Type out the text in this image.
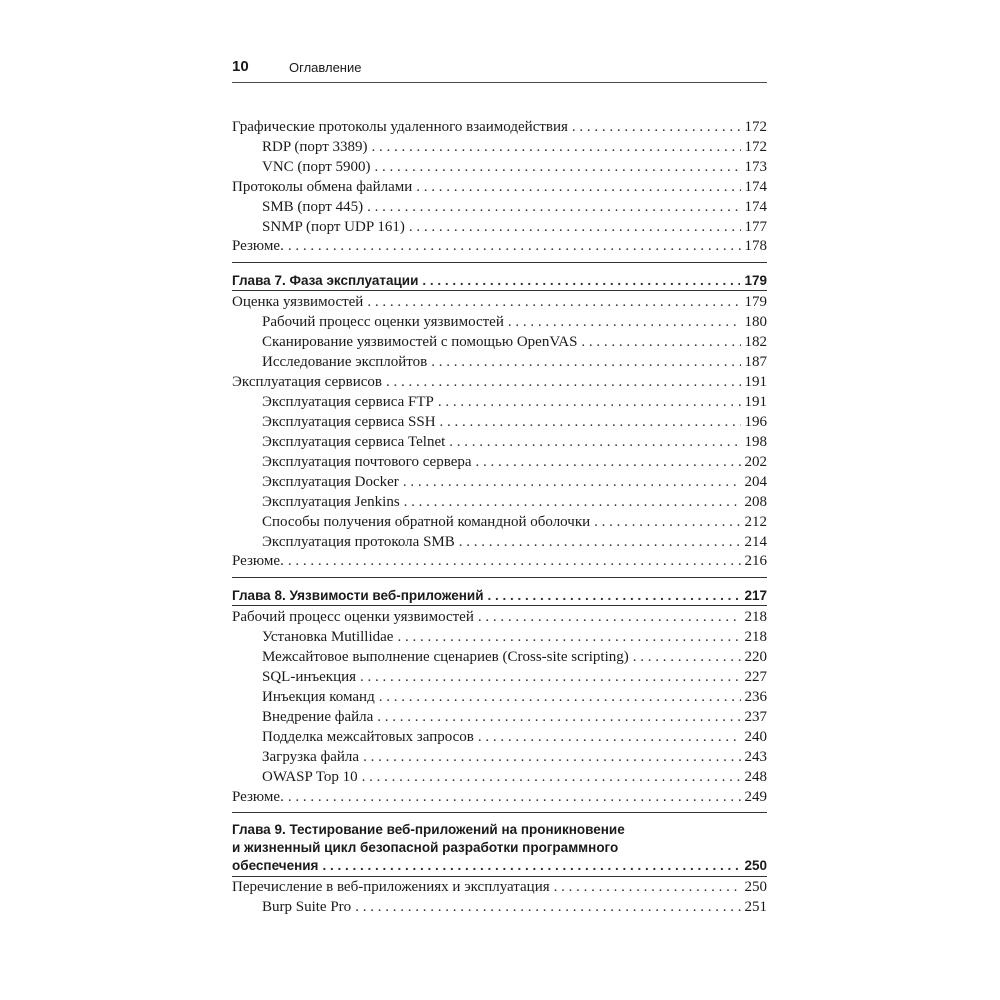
10	Оглавление
Графические протоколы удаленного взаимодействия . . .	172
RDP (порт 3389) . . .	172
VNC (порт 5900) . . .	173
Протоколы обмена файлами . . .	174
SMB (порт 445) . . .	174
SNMP (порт UDP 161) . . .	177
Резюме. . . .	178
Глава 7. Фаза эксплуатации . . .	179
Оценка уязвимостей . . .	179
Рабочий процесс оценки уязвимостей . . .	180
Сканирование уязвимостей с помощью OpenVAS . . .	182
Исследование эксплойтов . . .	187
Эксплуатация сервисов . . .	191
Эксплуатация сервиса FTP . . .	191
Эксплуатация сервиса SSH . . .	196
Эксплуатация сервиса Telnet . . .	198
Эксплуатация почтового сервера . . .	202
Эксплуатация Docker . . .	204
Эксплуатация Jenkins . . .	208
Способы получения обратной командной оболочки . . .	212
Эксплуатация протокола SMB . . .	214
Резюме. . . .	216
Глава 8. Уязвимости веб-приложений . . .	217
Рабочий процесс оценки уязвимостей . . .	218
Установка Mutillidae . . .	218
Межсайтовое выполнение сценариев (Cross-site scripting) . . .	220
SQL-инъекция . . .	227
Инъекция команд . . .	236
Внедрение файла . . .	237
Подделка межсайтовых запросов . . .	240
Загрузка файла . . .	243
OWASP Top 10 . . .	248
Резюме. . . .	249
Глава 9. Тестирование веб-приложений на проникновение
и жизненный цикл безопасной разработки программного
обеспечения . . .	250
Перечисление в веб-приложениях и эксплуатация . . .	250
Burp Suite Pro . . .	251
